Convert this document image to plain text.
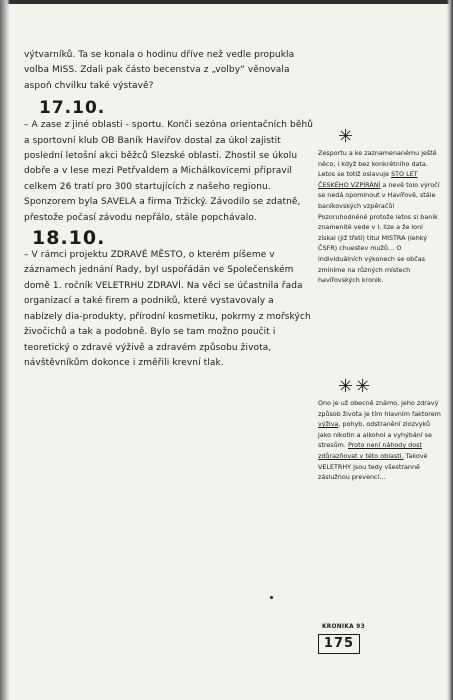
výtvarníků. Ta se konala o hodinu dříve než vedle propukla volba MISS. Zdali pak částo becenstva z „volby“ věnovala aspoň chvilku také výstavě?

17.10.

– A zase z jiné oblasti - sportu. Konči sezóna orientačních běhů a sportovní klub OB Baník Havířov dostal za úkol zajistit poslední letošní akci běžců Slezské oblasti. Zhostil se úkolu dobře a v lese mezi Petřvaldem a Michálkovicemi připravil celkem 26 tratí pro 300 startujících z našeho regionu. Sponzorem byla SAVELA a firma Tržický. Závodilo se zdatně, přestože počasí závodu nepřálo, stále popchávalo.

18.10.

– V rámci projektu ZDRAVÉ MĚSTO, o kterém píšeme v záznamech jednání Rady, byl uspořádán ve Společenském domě 1. ročník VELETRHU ZDRAVÍ. Na věci se účastnila řada organizací a také firem a podniků, které vystavovaly a nabízely dia-produkty, přírodní kosmetiku, pokrmy z mořských živočichů a tak a podobně. Bylo se tam možno poučit i teoretický o zdravé výživě a zdravém způsobu života, návštěvníkům dokonce i změřili krevní tlak.

✳

Zesportu a ke zaznamenanému ještě něco, i když bez konkrétního data. Letos se totiž oslavuje STO LET ČESKÉHO VZPÍRÁNÍ a nevě tolo výročí se nedá opominout v Havířově, stále baníkovských vzpěračů! Pozoruhodnéné protože letos si baník znamenité vede v I. lize a že loni získal (již třetí) titul MISTRA (lehký ČSFR) chuestev mužů… O individuálních výkonech se občas zmíníme na různých místech havířovských kronik.

✳✳

Ono je už obecně známo, jeho zdravý způsob života je tím hlavním faktorem výživa, pohyb, odstranění zlozvyků jako nikotin a alkohol a vyhýbání se stresům. Proto není náhody dost zdůrazňovat v této oblasti. Takové VELETRHY jsou tedy všestranně záslužnou prevencí…

KRONIKA 93
175
